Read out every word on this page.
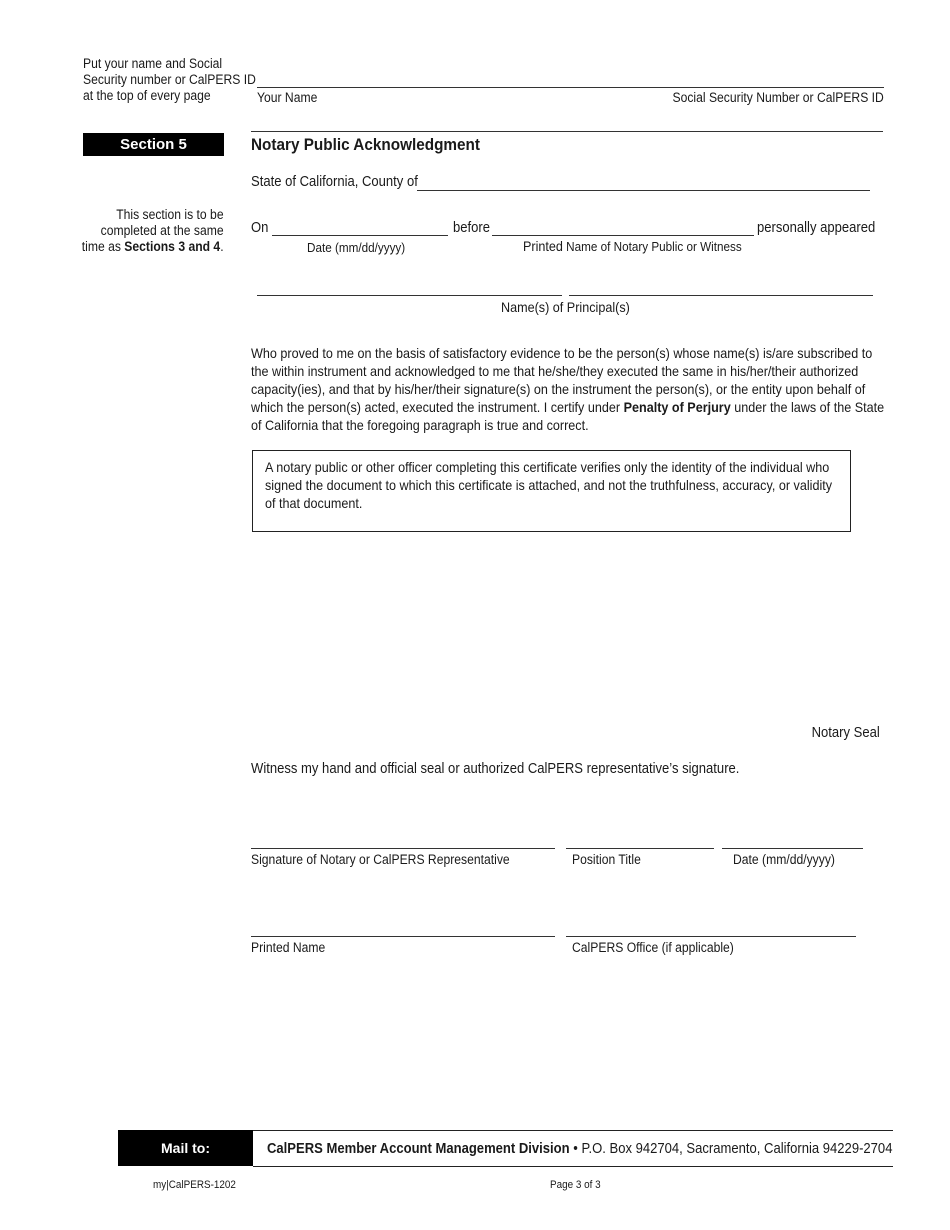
Put your name and Social
Security number or CalPERS ID
at the top of every page	Your Name	Social Security Number or CalPERS ID
Section 5	Notary Public Acknowledgment
This section is to be
completed at the same
time as Sections 3 and 4.
State of California, County of
On	before	personally appeared
Date (mm/dd/yyyy)	Printed Name of Notary Public or Witness
Name(s) of Principal(s)
Who proved to me on the basis of satisfactory evidence to be the person(s) whose name(s) is/are subscribed to the within instrument and acknowledged to me that he/she/they executed the same in his/her/their authorized capacity(ies), and that by his/her/their signature(s) on the instrument the person(s), or the entity upon behalf of which the person(s) acted, executed the instrument. I certify under Penalty of Perjury under the laws of the State of California that the foregoing paragraph is true and correct.
A notary public or other officer completing this certificate verifies only the identity of the individual who signed the document to which this certificate is attached, and not the truthfulness, accuracy, or validity of that document.
Notary Seal
Witness my hand and official seal or authorized CalPERS representative’s signature.
Signature of Notary or CalPERS Representative	Position Title	Date (mm/dd/yyyy)
Printed Name	CalPERS Office (if applicable)
Mail to:	CalPERS Member Account Management Division • P.O. Box 942704, Sacramento, California 94229-2704
my|CalPERS-1202	Page 3 of 3
